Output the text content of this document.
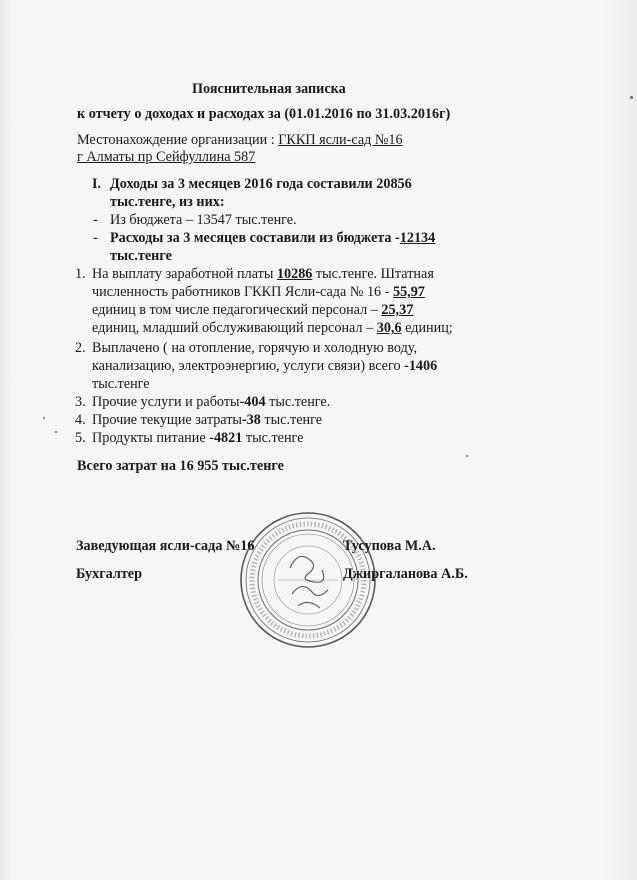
Пояснительная записка
к отчету о доходах и расходах за (01.01.2016 по 31.03.2016г)
Местонахождение организации : ГККП ясли-сад №16
г Алматы пр Сейфуллина 587
I. Доходы за 3 месяцев 2016 года составили 20856
тыс.тенге, из них:
- Из бюджета – 13547 тыс.тенге.
- Расходы за 3 месяцев составили из бюджета -12134
тыс.тенге
1. На выплату заработной платы 10286 тыс.тенге. Штатная
численность работников ГККП Ясли-сада № 16 - 55,97
единиц в том числе педагогический персонал – 25,37
единиц, младший обслуживающий персонал – 30,6 единиц;
2. Выплачено ( на отопление, горячую и холодную воду,
канализацию, электроэнергию, услуги связи) всего -1406
тыс.тенге
3. Прочие услуги и работы-404 тыс.тенге.
4. Прочие текущие затраты-38 тыс.тенге
5. Продукты питание -4821 тыс.тенге
Всего затрат на 16 955 тыс.тенге
Заведующая ясли-сада №16	Тусупова М.А.
Бухгалтер	Джиргаланова А.Б.
